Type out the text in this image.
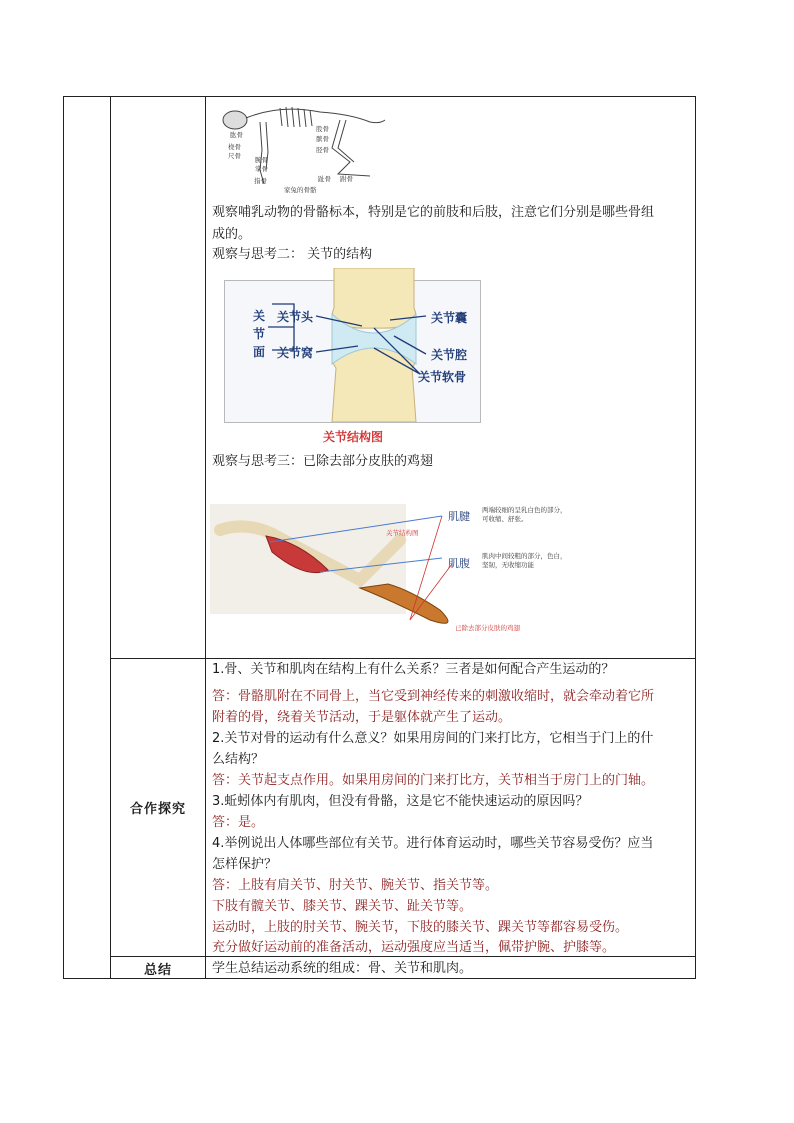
肱骨
桡骨
尺骨 腕骨
掌骨
指骨
股骨
髌骨
胫骨
趾骨 跗骨
家兔的骨骼
观察哺乳动物的骨骼标本，特别是它的前肢和后肢，注意它们分别是哪些骨组
成的。
观察与思考二： 关节的结构
关
节
面
关节头
关节窝
关节囊
关节腔
关节软骨
关节结构图
观察与思考三：已除去部分皮肤的鸡翅
肌腱
肌腹
两端较细的呈乳白色的部分，
可收缩、舒张。
肌肉中间较粗的部分，色白，
坚韧，无收缩功能
关节结构图
已除去部分皮肤的鸡翅
合作探究
1.骨、关节和肌肉在结构上有什么关系？三者是如何配合产生运动的？
答：骨骼肌附在不同骨上，当它受到神经传来的刺激收缩时，就会牵动着它所
附着的骨，绕着关节活动，于是躯体就产生了运动。
2.关节对骨的运动有什么意义？如果用房间的门来打比方，它相当于门上的什
么结构？
答：关节起支点作用。如果用房间的门来打比方，关节相当于房门上的门轴。
3.蚯蚓体内有肌肉，但没有骨骼，这是它不能快速运动的原因吗？
答：是。
4.举例说出人体哪些部位有关节。进行体育运动时，哪些关节容易受伤？应当
怎样保护？
答：上肢有肩关节、肘关节、腕关节、指关节等。
下肢有髋关节、膝关节、踝关节、趾关节等。
运动时，上肢的肘关节、腕关节，下肢的膝关节、踝关节等都容易受伤。
充分做好运动前的准备活动，运动强度应当适当，佩带护腕、护膝等。
总结	学生总结运动系统的组成：骨、关节和肌肉。
